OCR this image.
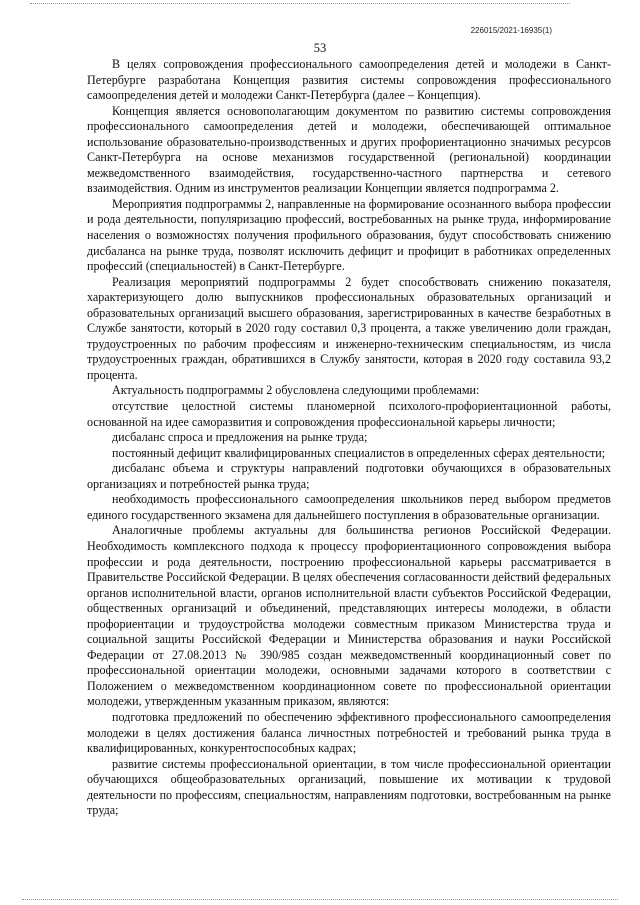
226015/2021-16935(1)
53

В целях сопровождения профессионального самоопределения детей и молодежи в Санкт-Петербурге разработана Концепция развития системы сопровождения профессионального самоопределения детей и молодежи Санкт-Петербурга (далее – Концепция).

Концепция является основополагающим документом по развитию системы сопровождения профессионального самоопределения детей и молодежи, обеспечивающей оптимальное использование образовательно-производственных и других профориентационно значимых ресурсов Санкт-Петербурга на основе механизмов государственной (региональной) координации межведомственного взаимодействия, государственно-частного партнерства и сетевого взаимодействия. Одним из инструментов реализации Концепции является подпрограмма 2.

Мероприятия подпрограммы 2, направленные на формирование осознанного выбора профессии и рода деятельности, популяризацию профессий, востребованных на рынке труда, информирование населения о возможностях получения профильного образования, будут способствовать снижению дисбаланса на рынке труда, позволят исключить дефицит и профицит в работниках определенных профессий (специальностей) в Санкт-Петербурге.

Реализация мероприятий подпрограммы 2 будет способствовать снижению показателя, характеризующего долю выпускников профессиональных образовательных организаций и образовательных организаций высшего образования, зарегистрированных в качестве безработных в Службе занятости, который в 2020 году составил 0,3 процента, а также увеличению доли граждан, трудоустроенных по рабочим профессиям и инженерно-техническим специальностям, из числа трудоустроенных граждан, обратившихся в Службу занятости, которая в 2020 году составила 93,2 процента.

Актуальность подпрограммы 2 обусловлена следующими проблемами:

отсутствие целостной системы планомерной психолого-профориентационной работы, основанной на идее саморазвития и сопровождения профессиональной карьеры личности;

дисбаланс спроса и предложения на рынке труда;

постоянный дефицит квалифицированных специалистов в определенных сферах деятельности;

дисбаланс объема и структуры направлений подготовки обучающихся в образовательных организациях и потребностей рынка труда;

необходимость профессионального самоопределения школьников перед выбором предметов единого государственного экзамена для дальнейшего поступления в образовательные организации.

Аналогичные проблемы актуальны для большинства регионов Российской Федерации. Необходимость комплексного подхода к процессу профориентационного сопровождения выбора профессии и рода деятельности, построению профессиональной карьеры рассматривается в Правительстве Российской Федерации. В целях обеспечения согласованности действий федеральных органов исполнительной власти, органов исполнительной власти субъектов Российской Федерации, общественных организаций и объединений, представляющих интересы молодежи, в области профориентации и трудоустройства молодежи совместным приказом Министерства труда и социальной защиты Российской Федерации и Министерства образования и науки Российской Федерации от 27.08.2013 № 390/985 создан межведомственный координационный совет по профессиональной ориентации молодежи, основными задачами которого в соответствии с Положением о межведомственном координационном совете по профессиональной ориентации молодежи, утвержденным указанным приказом, являются:

подготовка предложений по обеспечению эффективного профессионального самоопределения молодежи в целях достижения баланса личностных потребностей и требований рынка труда в квалифицированных, конкурентоспособных кадрах;

развитие системы профессиональной ориентации, в том числе профессиональной ориентации обучающихся общеобразовательных организаций, повышение их мотивации к трудовой деятельности по профессиям, специальностям, направлениям подготовки, востребованным на рынке труда;
